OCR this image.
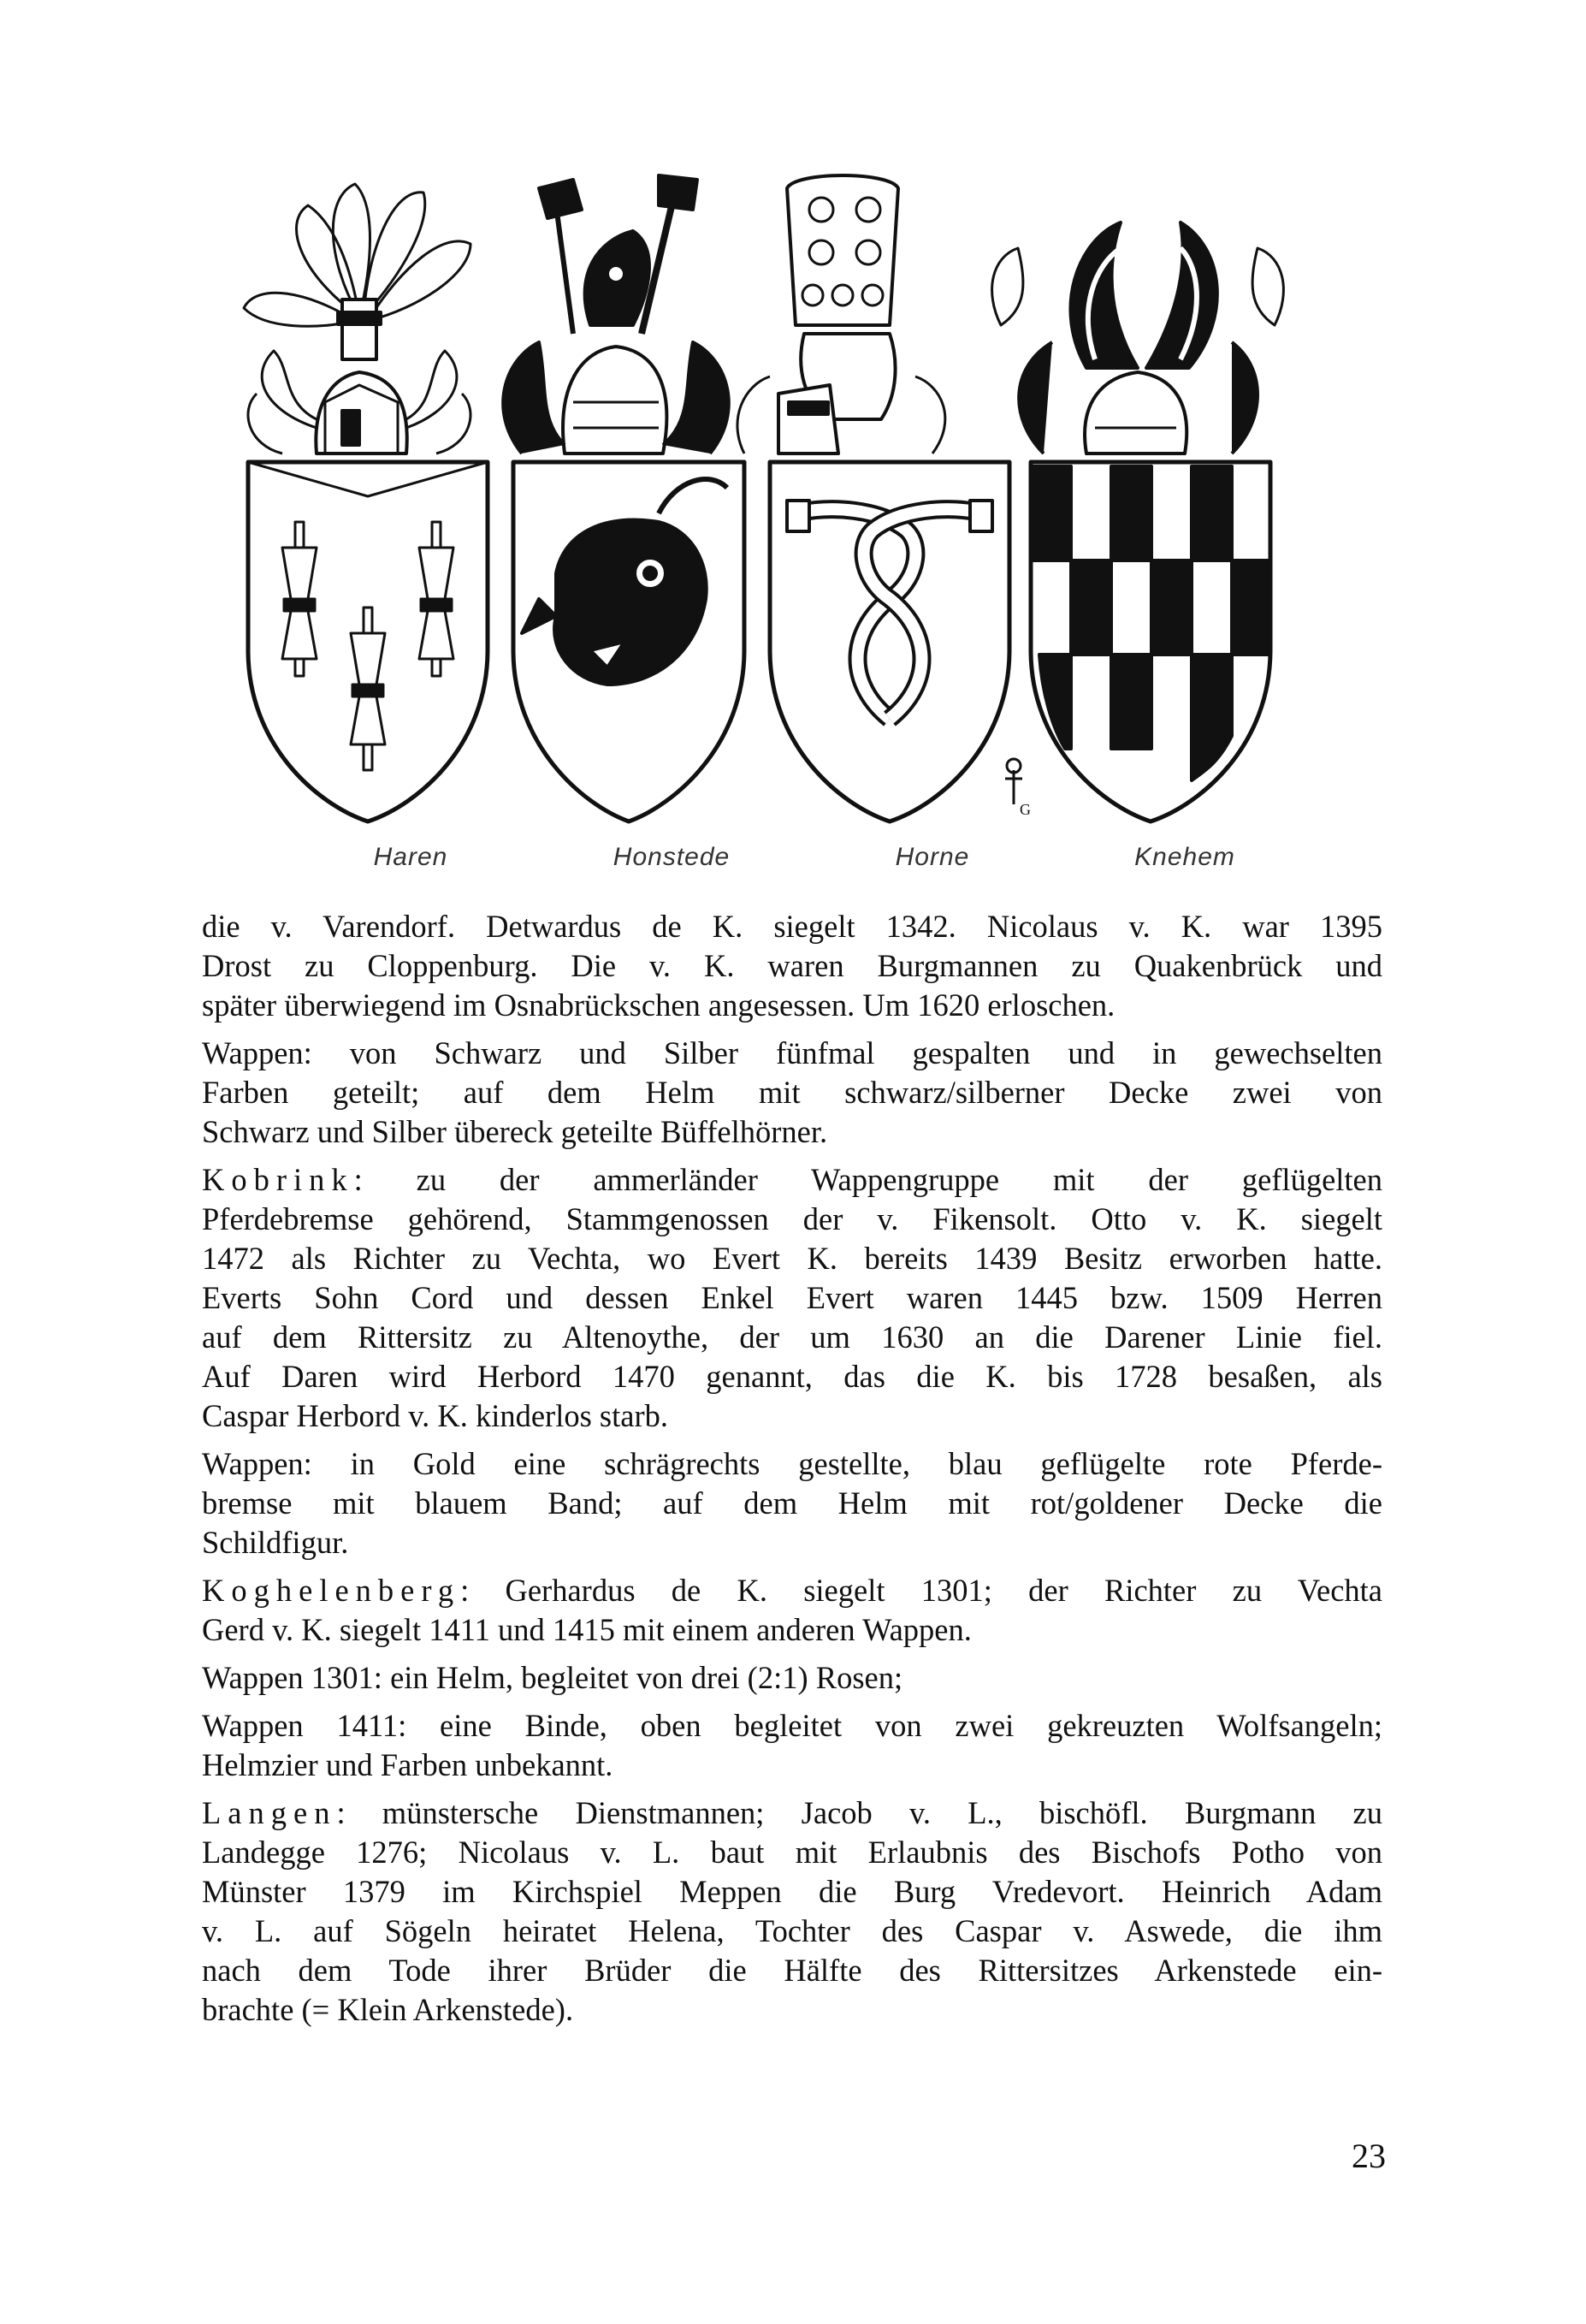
G
Haren	Honstede	Horne	Knehem

die v. Varendorf. Detwardus de K. siegelt 1342. Nicolaus v. K. war 1395
Drost zu Cloppenburg. Die v. K. waren Burgmannen zu Quakenbrück und
später überwiegend im Osnabrückschen angesessen. Um 1620 erloschen.

Wappen: von Schwarz und Silber fünfmal gespalten und in gewechselten
Farben geteilt; auf dem Helm mit schwarz/silberner Decke zwei von
Schwarz und Silber übereck geteilte Büffelhörner.

Kobrink: zu der ammerländer Wappengruppe mit der geflügelten
Pferdebremse gehörend, Stammgenossen der v. Fikensolt. Otto v. K. siegelt
1472 als Richter zu Vechta, wo Evert K. bereits 1439 Besitz erworben hatte.
Everts Sohn Cord und dessen Enkel Evert waren 1445 bzw. 1509 Herren
auf dem Rittersitz zu Altenoythe, der um 1630 an die Darener Linie fiel.
Auf Daren wird Herbord 1470 genannt, das die K. bis 1728 besaßen, als
Caspar Herbord v. K. kinderlos starb.

Wappen: in Gold eine schrägrechts gestellte, blau geflügelte rote Pferde-
bremse mit blauem Band; auf dem Helm mit rot/goldener Decke die
Schildfigur.

Koghelenberg: Gerhardus de K. siegelt 1301; der Richter zu Vechta
Gerd v. K. siegelt 1411 und 1415 mit einem anderen Wappen.

Wappen 1301: ein Helm, begleitet von drei (2:1) Rosen;

Wappen 1411: eine Binde, oben begleitet von zwei gekreuzten Wolfsangeln;
Helmzier und Farben unbekannt.

Langen: münstersche Dienstmannen; Jacob v. L., bischöfl. Burgmann zu
Landegge 1276; Nicolaus v. L. baut mit Erlaubnis des Bischofs Potho von
Münster 1379 im Kirchspiel Meppen die Burg Vredevort. Heinrich Adam
v. L. auf Sögeln heiratet Helena, Tochter des Caspar v. Aswede, die ihm
nach dem Tode ihrer Brüder die Hälfte des Rittersitzes Arkenstede ein-
brachte (= Klein Arkenstede).

23
